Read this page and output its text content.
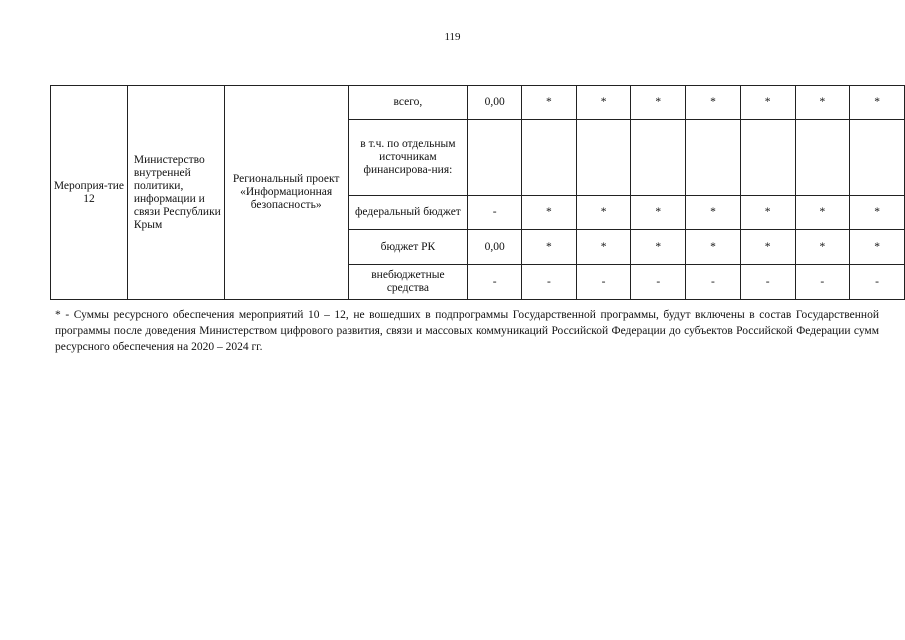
119
Мероприя-тие 12	Министерство внутренней политики, информации и связи Республики Крым	Региональный проект «Информационная безопасность»	всего,	0,00	*	*	*	*	*	*	*
			в т.ч. по отдельным источникам финансирова-ния:								
			федеральный бюджет	-	*	*	*	*	*	*	*
			бюджет РК	0,00	*	*	*	*	*	*	*
			внебюджетные средства	-	-	-	-	-	-	-	-
* - Суммы ресурсного обеспечения мероприятий 10 – 12, не вошедших в подпрограммы Государственной программы, будут включены в состав Государственной программы после доведения Министерством цифрового развития, связи и массовых коммуникаций Российской Федерации до субъектов Российской Федерации сумм ресурсного обеспечения на 2020 – 2024 гг.
